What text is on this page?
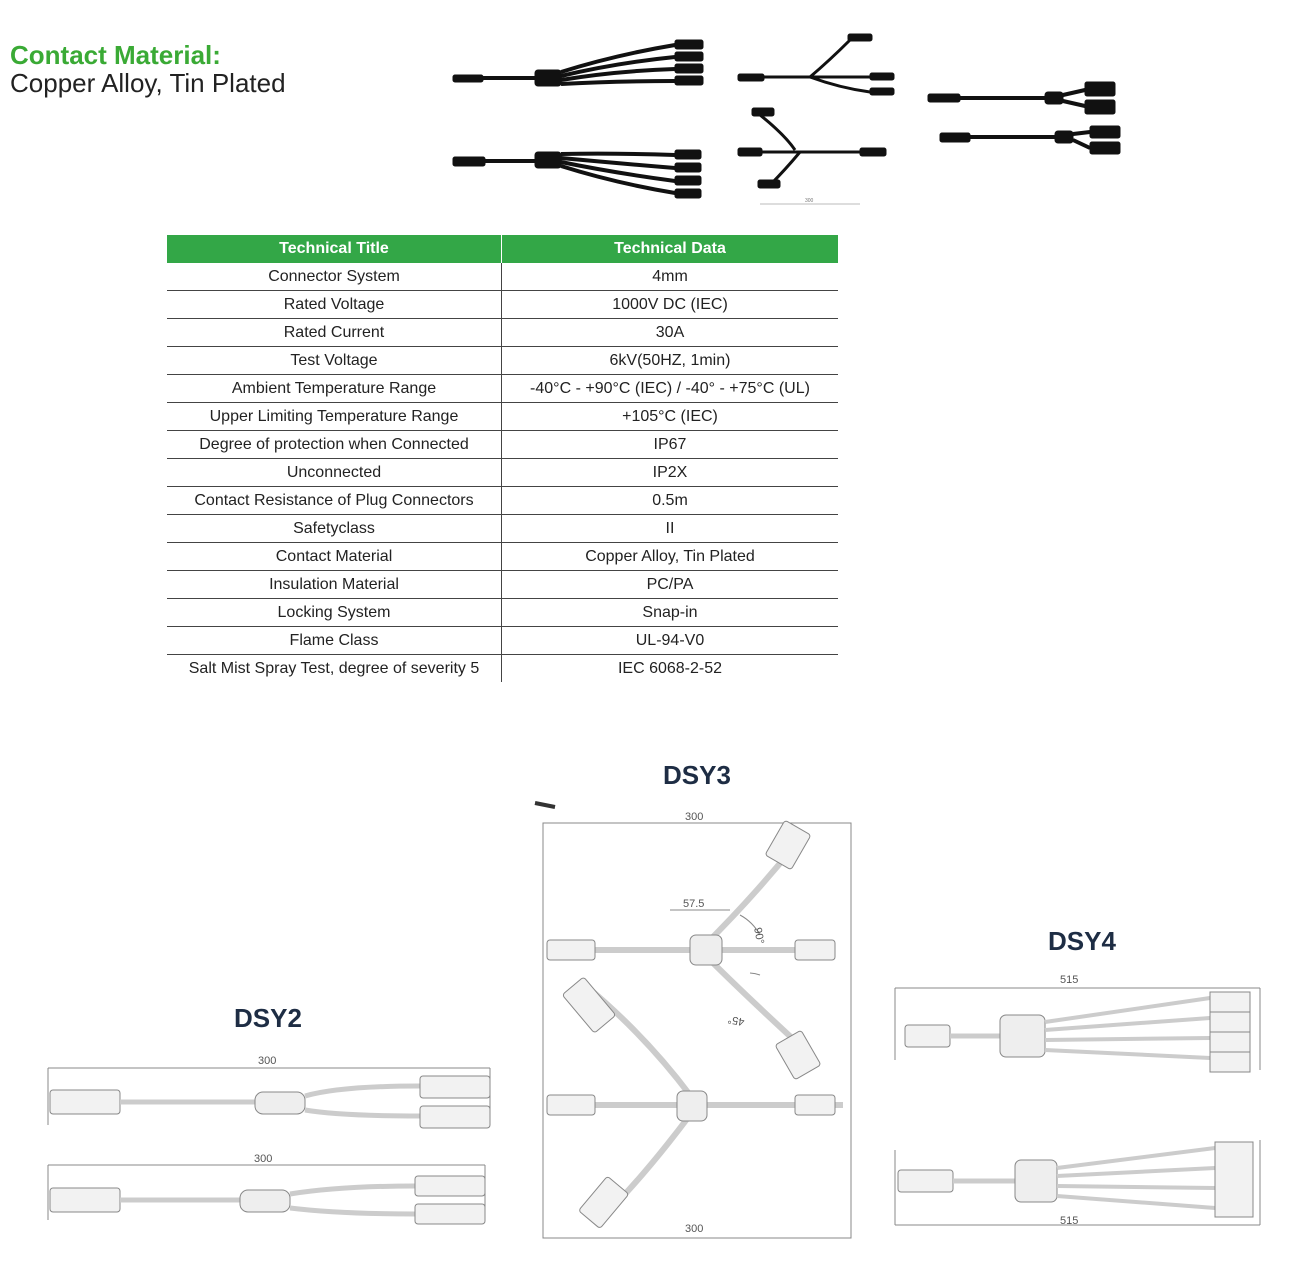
Contact Material:
Copper Alloy, Tin Plated
300
Technical Title	Technical Data
Connector System	4mm
Rated Voltage	1000V DC (IEC)
Rated Current	30A
Test Voltage	6kV(50HZ, 1min)
Ambient Temperature Range	-40°C - +90°C (IEC) / -40° - +75°C (UL)
Upper Limiting Temperature Range	+105°C (IEC)
Degree of protection when Connected	IP67
Unconnected	IP2X
Contact Resistance of Plug Connectors	0.5m
Safetyclass	II
Contact Material	Copper Alloy, Tin Plated
Insulation Material	PC/PA
Locking System	Snap-in
Flame Class	UL-94-V0
Salt Mist Spray Test, degree of severity 5	IEC 6068-2-52
DSY3
DSY4
DSY2
300
57.5
90°
45°
300
515
515
300
300
